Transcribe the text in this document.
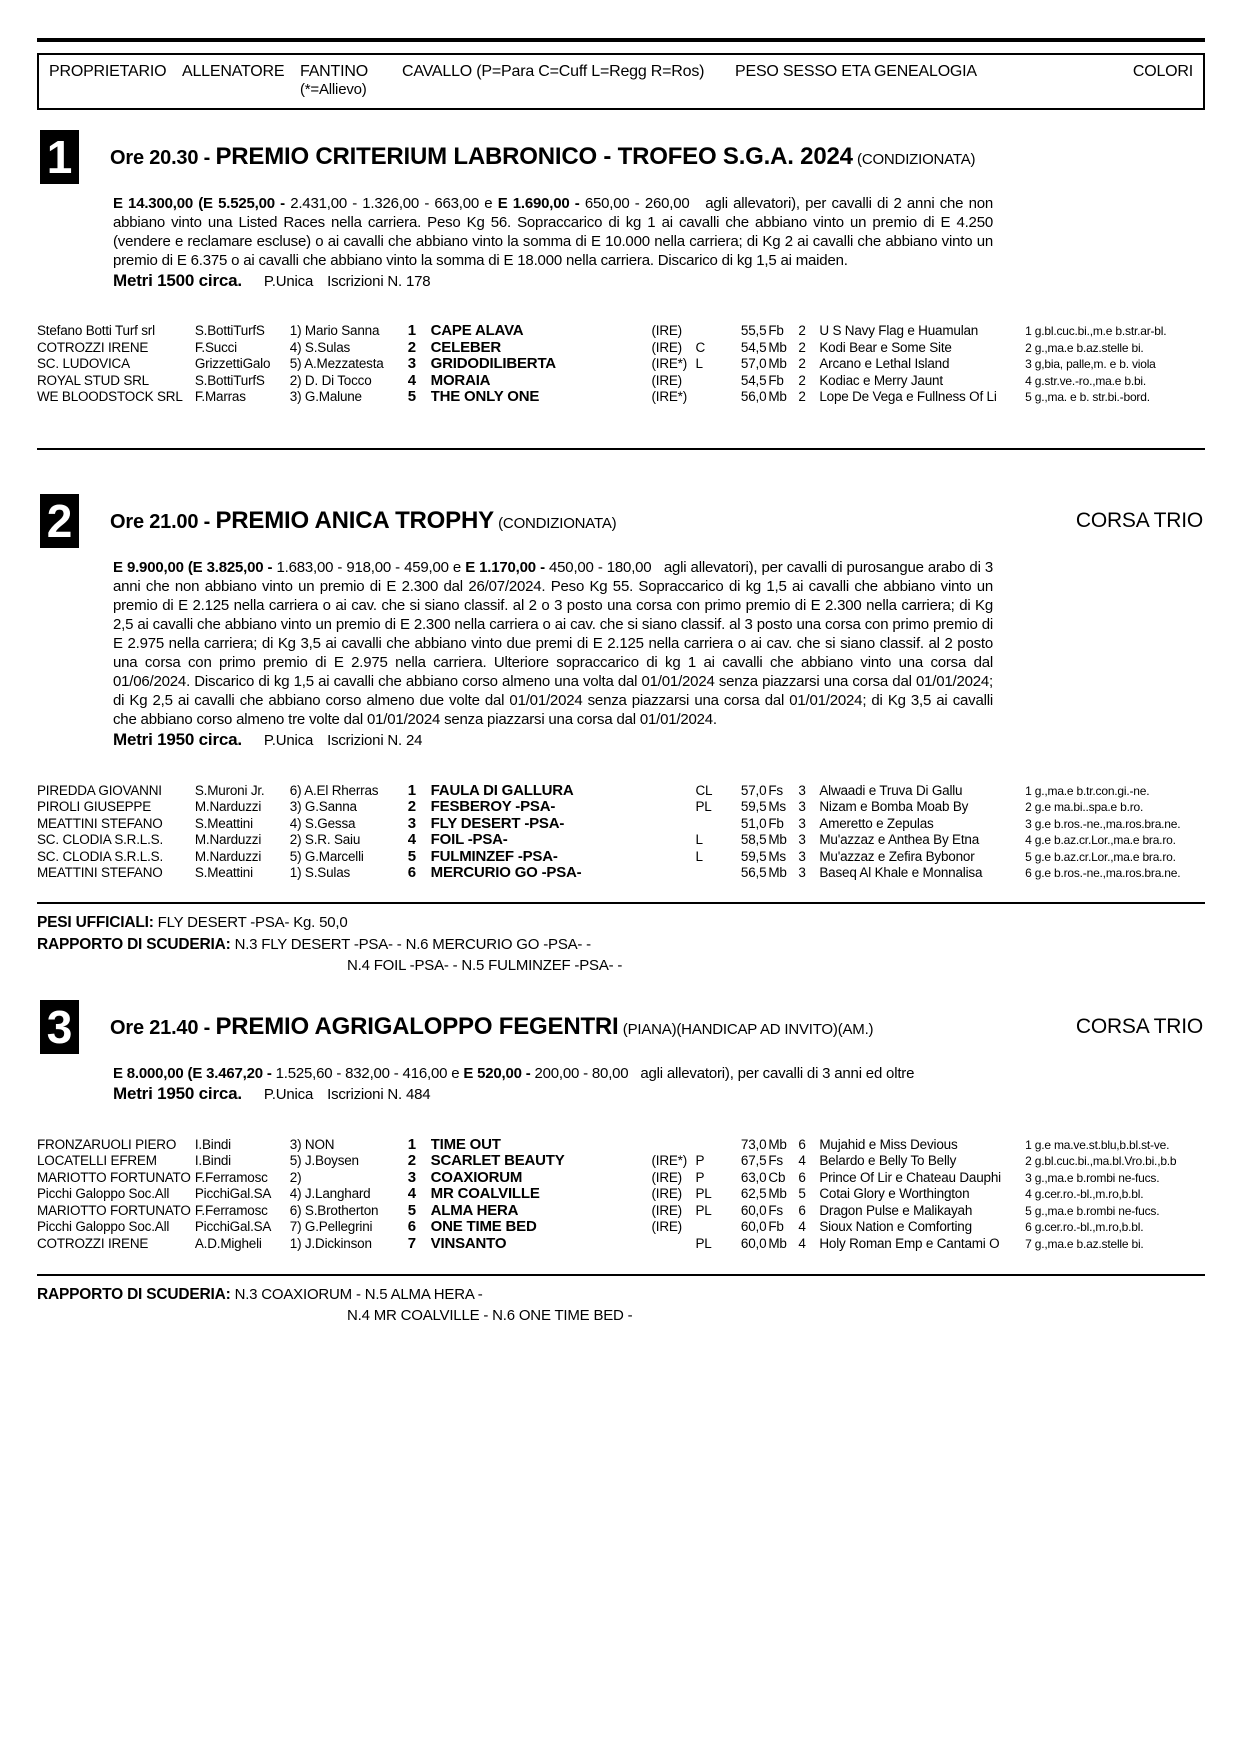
PROPRIETARIO ALLENATORE FANTINO
(*=Allievo)
CAVALLO (P=Para C=Cuff L=Regg R=Ros)	PESO SESSO ETA GENEALOGIA	COLORI
1	Ore 20.30 - PREMIO CRITERIUM LABRONICO - TROFEO S.G.A. 2024 (CONDIZIONATA)

E 14.300,00 (E 5.525,00 - 2.431,00 - 1.326,00 - 663,00 e E 1.690,00 - 650,00 - 260,00   agli allevatori), per cavalli di 2 anni che non abbiano vinto una Listed Races nella carriera. Peso Kg 56. Sopraccarico di kg 1 ai cavalli che abbiano vinto un premio di E 4.250 (vendere e reclamare escluse) o ai cavalli che abbiano vinto la somma di E 10.000 nella carriera; di Kg 2 ai cavalli che abbiano vinto un premio di E 6.375 o ai cavalli che abbiano vinto la somma di E 18.000 nella carriera. Discarico di kg 1,5 ai maiden.

Metri 1500 circa. P.Unica Iscrizioni N. 178

Stefano Botti Turf srl	S.BottiTurfS	1) Mario Sanna	1 CAPE ALAVA	(IRE)	55,5 Fb	2	U S Navy Flag e Huamulan	1 g.bl.cuc.bi.,m.e b.str.ar-bl.
COTROZZI IRENE	F.Succi	4) S.Sulas	2 CELEBER	(IRE) C	54,5 Mb 2	Kodi Bear e Some Site	2 g.,ma.e b.az.stelle bi.
SC. LUDOVICA	GrizzettiGalo	5) A.Mezzatesta	3 GRIDODILIBERTA	(IRE*) L	57,0 Mb 2	Arcano e Lethal Island	3 g,bia, palle,m. e b. viola
ROYAL STUD SRL	S.BottiTurfS	2) D. Di Tocco	4 MORAIA	(IRE)	54,5 Fb	2	Kodiac e Merry Jaunt	4 g.str.ve.-ro.,ma.e b.bi.
WE BLOODSTOCK SRL F.Marras	3) G.Malune	5 THE ONLY ONE	(IRE*)	56,0 Mb 2	Lope De Vega e Fullness Of Li	5 g.,ma. e b. str.bi.-bord.
2	Ore 21.00 - PREMIO ANICA TROPHY (CONDIZIONATA)	CORSA TRIO

E 9.900,00 (E 3.825,00 - 1.683,00 - 918,00 - 459,00 e E 1.170,00 - 450,00 - 180,00   agli allevatori), per cavalli di purosangue arabo di 3 anni che non abbiano vinto un premio di E 2.300 dal 26/07/2024. Peso Kg 55. Sopraccarico di kg 1,5 ai cavalli che abbiano vinto un premio di E 2.125 nella carriera o ai cav. che si siano classif. al 2 o 3 posto una corsa con primo premio di E 2.300 nella carriera; di Kg 2,5 ai cavalli che abbiano vinto un premio di E 2.300 nella carriera o ai cav. che si siano classif. al 3 posto una corsa con primo premio di E 2.975 nella carriera; di Kg 3,5 ai cavalli che abbiano vinto due premi di E 2.125 nella carriera o ai cav. che si siano classif. al 2 posto una corsa con primo premio di E 2.975 nella carriera. Ulteriore sopraccarico di kg 1 ai cavalli che abbiano vinto una corsa dal 01/06/2024. Discarico di kg 1,5 ai cavalli che abbiano corso almeno una volta dal 01/01/2024 senza piazzarsi una corsa dal 01/01/2024; di Kg 2,5 ai cavalli che abbiano corso almeno due volte dal 01/01/2024 senza piazzarsi una corsa dal 01/01/2024; di Kg 3,5 ai cavalli che abbiano corso almeno tre volte dal 01/01/2024 senza piazzarsi una corsa dal 01/01/2024.

Metri 1950 circa. P.Unica Iscrizioni N. 24

PIREDDA GIOVANNI	S.Muroni Jr.	6) A.El Rherras	1 FAULA DI GALLURA	CL	57,0 Fs	3	Alwaadi e Truva Di Gallu	1 g.,ma.e b.tr.con.gi.-ne.
PIROLI GIUSEPPE	M.Narduzzi	3) G.Sanna	2 FESBEROY -PSA-	PL	59,5 Ms 3	Nizam e Bomba Moab By	2 g.e ma.bi..spa.e b.ro.
MEATTINI STEFANO	S.Meattini	4) S.Gessa	3 FLY DESERT -PSA-	51,0 Fb	3	Ameretto e Zepulas	3 g.e b.ros.-ne.,ma.ros.bra.ne.
SC. CLODIA S.R.L.S.	M.Narduzzi	2) S.R. Saiu	4 FOIL -PSA-	L	58,5 Mb 3	Mu'azzaz e Anthea By Etna	4 g.e b.az.cr.Lor.,ma.e bra.ro.
SC. CLODIA S.R.L.S.	M.Narduzzi	5) G.Marcelli	5 FULMINZEF -PSA-	L	59,5 Ms 3	Mu'azzaz e Zefira Bybonor	5 g.e b.az.cr.Lor.,ma.e bra.ro.
MEATTINI STEFANO	S.Meattini	1) S.Sulas	6 MERCURIO GO -PSA-	56,5 Mb 3	Baseq Al Khale e Monnalisa	6 g.e b.ros.-ne.,ma.ros.bra.ne.
PESI UFFICIALI: FLY DESERT -PSA- Kg. 50,0
RAPPORTO DI SCUDERIA: N.3 FLY DESERT -PSA- - N.6 MERCURIO GO -PSA- -
N.4 FOIL -PSA- - N.5 FULMINZEF -PSA- -
3	Ore 21.40 - PREMIO AGRIGALOPPO FEGENTRI (PIANA)(HANDICAP AD INVITO)(AM.)	CORSA TRIO

E 8.000,00 (E 3.467,20 - 1.525,60 - 832,00 - 416,00 e E 520,00 - 200,00 - 80,00   agli allevatori), per cavalli di 3 anni ed oltre

Metri 1950 circa. P.Unica Iscrizioni N. 484

FRONZARUOLI PIERO	I.Bindi	3) NON	1 TIME OUT	73,0 Mb 6	Mujahid e Miss Devious	1 g.e ma.ve.st.blu,b.bl.st-ve.
LOCATELLI EFREM	I.Bindi	5) J.Boysen	2 SCARLET BEAUTY	(IRE*) P	67,5 Fs	4	Belardo e Belly To Belly	2 g.bl.cuc.bi.,ma.bl.Vro.bi.,b.b
MARIOTTO FORTUNATO F.Ferramosc	2)	3 COAXIORUM	(IRE) P	63,0 Cb 6	Prince Of Lir e Chateau Dauphi	3 g.,ma.e b.rombi ne-fucs.
Picchi Galoppo Soc.All	PicchiGal.SA	4) J.Langhard	4 MR COALVILLE	(IRE) PL	62,5 Mb 5	Cotai Glory e Worthington	4 g.cer.ro.-bl.,m.ro,b.bl.
MARIOTTO FORTUNATO F.Ferramosc	6) S.Brotherton	5 ALMA HERA	(IRE) PL	60,0 Fs	6	Dragon Pulse e Malikayah	5 g.,ma.e b.rombi ne-fucs.
Picchi Galoppo Soc.All	PicchiGal.SA	7) G.Pellegrini	6 ONE TIME BED	(IRE)	60,0 Fb	4	Sioux Nation e Comforting	6 g.cer.ro.-bl.,m.ro,b.bl.
COTROZZI IRENE	A.D.Migheli	1) J.Dickinson	7 VINSANTO	PL	60,0 Mb 4	Holy Roman Emp e Cantami O	7 g.,ma.e b.az.stelle bi.
RAPPORTO DI SCUDERIA: N.3 COAXIORUM - N.5 ALMA HERA -
N.4 MR COALVILLE - N.6 ONE TIME BED -
